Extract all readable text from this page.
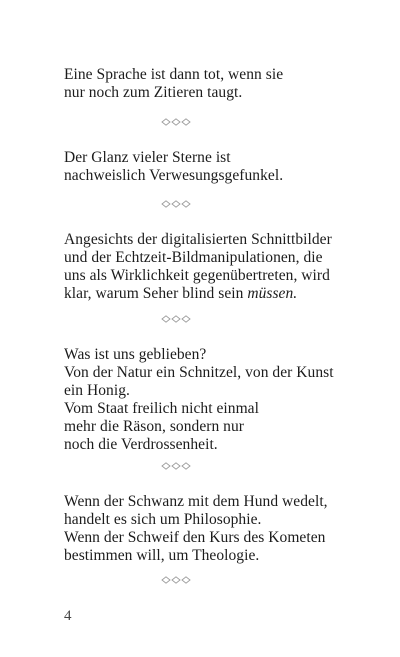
Eine Sprache ist dann tot, wenn sie
nur noch zum Zitieren taugt.
Der Glanz vieler Sterne ist
nachweislich Verwesungsgefunkel.
Angesichts der digitalisierten Schnittbilder
und der Echtzeit-Bildmanipulationen, die
uns als Wirklichkeit gegenübertreten, wird
klar, warum Seher blind sein müssen.
Was ist uns geblieben?
Von der Natur ein Schnitzel, von der Kunst
ein Honig.
Vom Staat freilich nicht einmal
mehr die Räson, sondern nur
noch die Verdrossenheit.
Wenn der Schwanz mit dem Hund wedelt,
handelt es sich um Philosophie.
Wenn der Schweif den Kurs des Kometen
bestimmen will, um Theologie.
4
